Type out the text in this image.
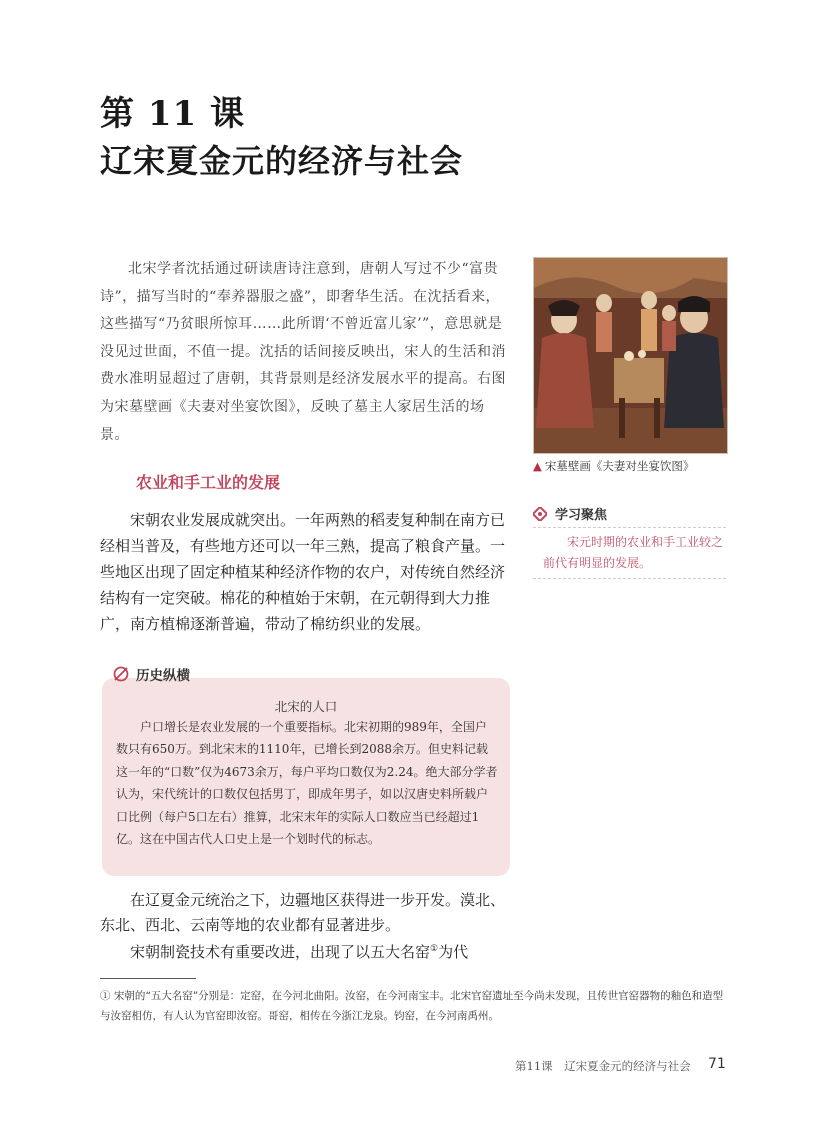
第 11 课
辽宋夏金元的经济与社会
北宋学者沈括通过研读唐诗注意到，唐朝人写过不少“富贵诗”，描写当时的“奉养器服之盛”，即奢华生活。在沈括看来，这些描写“乃贫眼所惊耳……此所谓‘不曾近富儿家’”，意思就是没见过世面，不值一提。沈括的话间接反映出，宋人的生活和消费水准明显超过了唐朝，其背景则是经济发展水平的提高。右图为宋墓壁画《夫妻对坐宴饮图》，反映了墓主人家居生活的场景。
▲ 宋墓壁画《夫妻对坐宴饮图》
农业和手工业的发展
宋朝农业发展成就突出。一年两熟的稻麦复种制在南方已经相当普及，有些地方还可以一年三熟，提高了粮食产量。一些地区出现了固定种植某种经济作物的农户，对传统自然经济结构有一定突破。棉花的种植始于宋朝，在元朝得到大力推广，南方植棉逐渐普遍，带动了棉纺织业的发展。
学习聚焦
宋元时期的农业和手工业较之前代有明显的发展。
历史纵横
北宋的人口
户口增长是农业发展的一个重要指标。北宋初期的989年，全国户数只有650万。到北宋末的1110年，已增长到2088余万。但史料记载这一年的“口数”仅为4673余万，每户平均口数仅为2.24。绝大部分学者认为，宋代统计的口数仅包括男丁，即成年男子，如以汉唐史料所载户口比例（每户5口左右）推算，北宋末年的实际人口数应当已经超过1亿。这在中国古代人口史上是一个划时代的标志。

在辽夏金元统治之下，边疆地区获得进一步开发。漠北、东北、西北、云南等地的农业都有显著进步。

宋朝制瓷技术有重要改进，出现了以五大名窑①为代

① 宋朝的“五大名窑”分别是：定窑，在今河北曲阳。汝窑，在今河南宝丰。北宋官窑遗址至今尚未发现，且传世官窑器物的釉色和造型与汝窑相仿，有人认为官窑即汝窑。哥窑，相传在今浙江龙泉。钧窑，在今河南禹州。
第11课　辽宋夏金元的经济与社会 71
